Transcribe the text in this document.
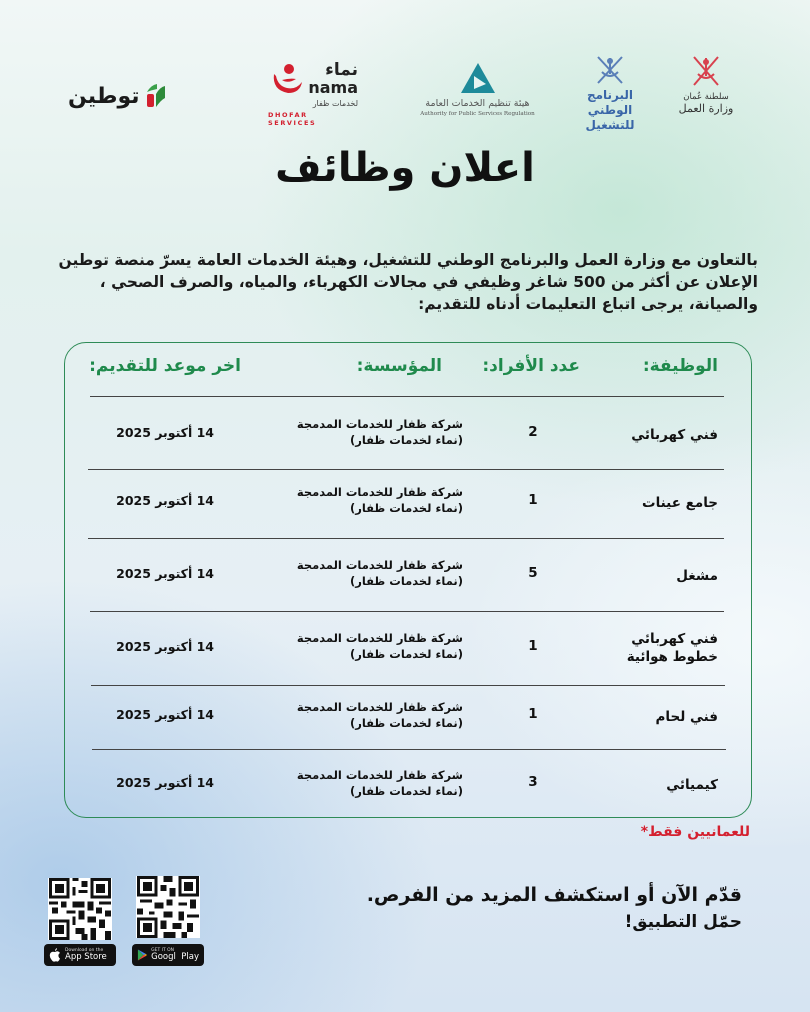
توطين
نماء
nama
لخدمات ظفار
DHOFAR SERVICES
هيئة تنظيم الخدمات العامة
Authority for Public Services Regulation
البرنامج الوطني
للتشغيل
سلطنة عُمان
وزارة العمل
اعلان وظائف
بالتعاون مع وزارة العمل والبرنامج الوطني للتشغيل، وهيئة الخدمات العامة يسرّ منصة توطين
الإعلان عن أكثر من 500 شاغر وظيفي في مجالات الكهرباء، والمياه، والصرف الصحي ،
والصيانة، يرجى اتباع التعليمات أدناه للتقديم:
الوظيفة:
عدد الأفراد:
المؤسسة:
اخر موعد للتقديم:
فني كهربائي
2
شركة ظفار للخدمات المدمجة
(نماء لخدمات ظفار)
14 أكتوبر 2025
جامع عينات
1
شركة ظفار للخدمات المدمجة
(نماء لخدمات ظفار)
14 أكتوبر 2025
مشغل
5
شركة ظفار للخدمات المدمجة
(نماء لخدمات ظفار)
14 أكتوبر 2025
فني كهربائي
خطوط هوائية
1
شركة ظفار للخدمات المدمجة
(نماء لخدمات ظفار)
14 أكتوبر 2025
فني لحام
1
شركة ظفار للخدمات المدمجة
(نماء لخدمات ظفار)
14 أكتوبر 2025
كيميائي
3
شركة ظفار للخدمات المدمجة
(نماء لخدمات ظفار)
14 أكتوبر 2025
للعمانيين فقط*
قدّم الآن أو استكشف المزيد من الفرص.
حمّل التطبيق!
Download on the
App Store
GET IT ON
Googl  Play
